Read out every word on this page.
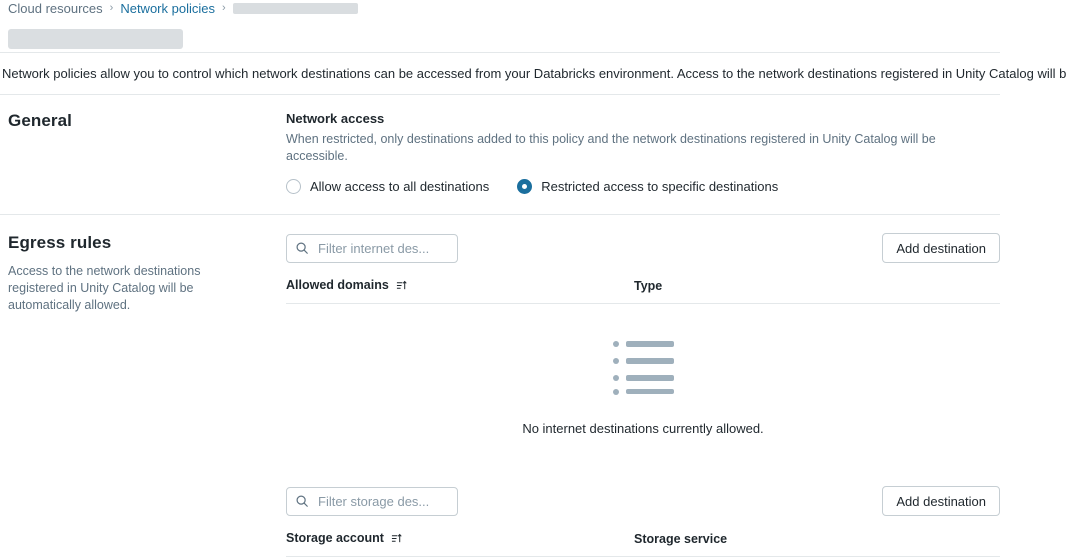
Cloud resources › Network policies ›
Network policies allow you to control which network destinations can be accessed from your Databricks environment. Access to the network destinations registered in Unity Catalog will b
General	Network access
When restricted, only destinations added to this policy and the network destinations registered in Unity Catalog will be accessible.
Allow access to all destinations	Restricted access to specific destinations
Egress rules

Access to the network destinations registered in Unity Catalog will be automatically allowed.

Filter internet des...
Add destination
Allowed domains	Type
No internet destinations currently allowed.
Filter storage des...
Add destination
Storage account	Storage service
